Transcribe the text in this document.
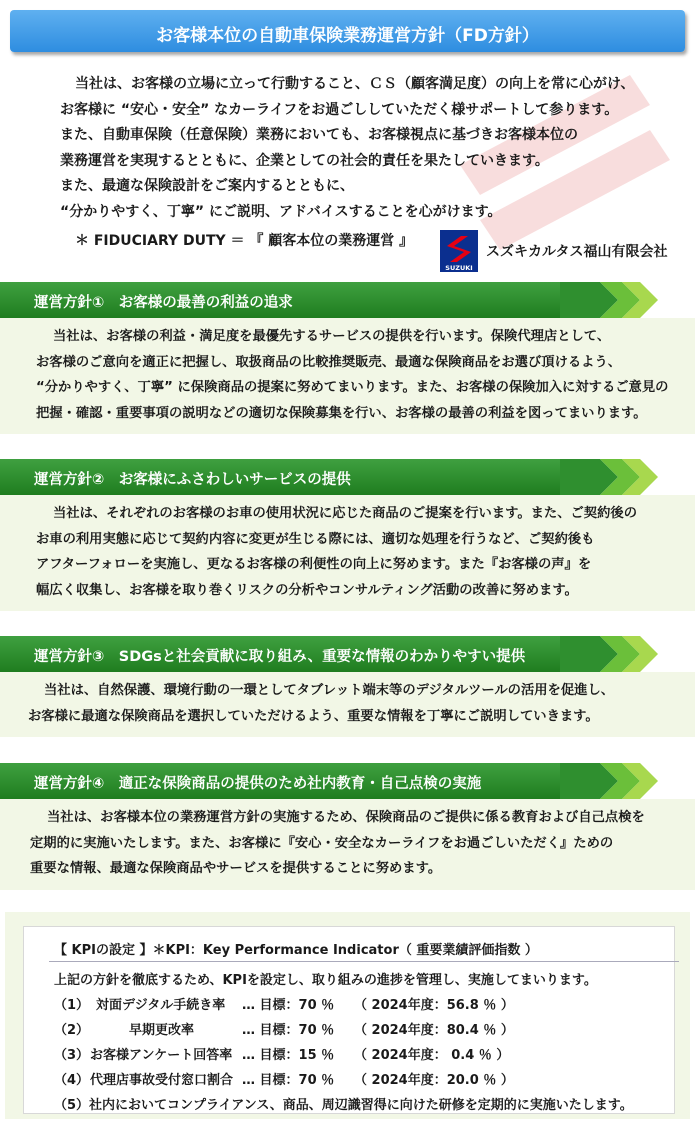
お客様本位の自動車保険業務運営方針（FD方針）
当社は、お客様の立場に立って行動すること、ＣＳ（顧客満足度）の向上を常に心がけ、
お客様に “安心・安全” なカーライフをお過ごししていただく様サポートして参ります。
また、自動車保険（任意保険）業務においても、お客様視点に基づきお客様本位の
業務運営を実現するとともに、企業としての社会的責任を果たしていきます。
また、最適な保険設計をご案内するとともに、
“分かりやすく、丁寧” にご説明、アドバイスすることを心がけます。
＊ FIDUCIARY DUTY ＝ 『 顧客本位の業務運営 』
SUZUKI
スズキカルタス福山有限会社
運営方針①　お客様の最善の利益の追求
当社は、お客様の利益・満足度を最優先するサービスの提供を行います。保険代理店として、
お客様のご意向を適正に把握し、取扱商品の比較推奨販売、最適な保険商品をお選び頂けるよう、
“分かりやすく、丁寧” に保険商品の提案に努めてまいります。また、お客様の保険加入に対するご意見の
把握・確認・重要事項の説明などの適切な保険募集を行い、お客様の最善の利益を図ってまいります。
運営方針②　お客様にふさわしいサービスの提供
当社は、それぞれのお客様のお車の使用状況に応じた商品のご提案を行います。また、ご契約後の
お車の利用実態に応じて契約内容に変更が生じる際には、適切な処理を行うなど、ご契約後も
アフターフォローを実施し、更なるお客様の利便性の向上に努めます。また『お客様の声』を
幅広く収集し、お客様を取り巻くリスクの分析やコンサルティング活動の改善に努めます。
運営方針③　SDGsと社会貢献に取り組み、重要な情報のわかりやすい提供
当社は、自然保護、環境行動の一環としてタブレット端末等のデジタルツールの活用を促進し、
お客様に最適な保険商品を選択していただけるよう、重要な情報を丁寧にご説明していきます。
運営方針④　適正な保険商品の提供のため社内教育・自己点検の実施
当社は、お客様本位の業務運営方針の実施するため、保険商品のご提供に係る教育および自己点検を
定期的に実施いたします。また、お客様に『安心・安全なカーライフをお過ごしいただく』ための
重要な情報、最適な保険商品やサービスを提供することに努めます。
【 KPIの設定 】＊KPI：Key Performance Indicator（ 重要業績評価指数 ）
上記の方針を徹底するため、KPIを設定し、取り組みの進捗を管理し、実施してまいります。
（1） 対面デジタル手続き率 … 目標：70 ％ （ 2024年度：56.8 ％ ）
（2）	早期更改率	… 目標：70 ％ （ 2024年度：80.4 ％ ）
（3） お客様アンケート回答率 … 目標：15 ％ （ 2024年度： 0.4 ％ ）
（4） 代理店事故受付窓口割合 … 目標：70 ％ （ 2024年度：20.0 ％ ）
（5）社内においてコンプライアンス、商品、周辺識習得に向けた研修を定期的に実施いたします。
